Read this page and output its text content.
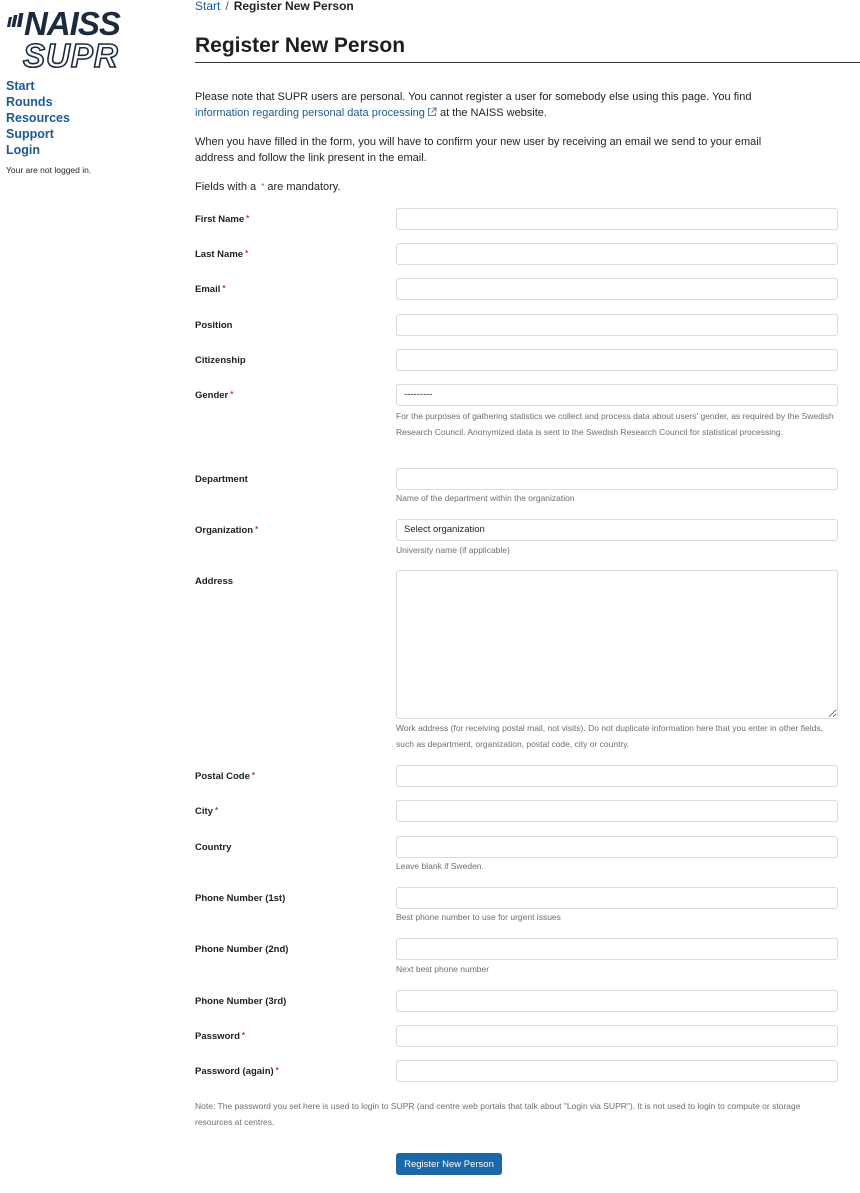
NAISS
SUPR
Start
Rounds
Resources
Support
Login
Your are not logged in.
Start / Register New Person
Register New Person

Please note that SUPR users are personal. You cannot register a user for somebody else using this page. You find information regarding personal data processing at the NAISS website.

When you have filled in the form, you will have to confirm your new user by receiving an email we send to your email address and follow the link present in the email.

Fields with a * are mandatory.

First Name *
Last Name *
Email *
Position
Citizenship
Gender *	---------

For the purposes of gathering statistics we collect and process data about users' gender, as required by the Swedish Research Council. Anonymized data is sent to the Swedish Research Council for statistical processing.

Department

Name of the department within the organization

Organization *	Select organization

University name (if applicable)

Address

Work address (for receiving postal mail, not visits). Do not duplicate information here that you enter in other fields, such as department, organization, postal code, city or country.

Postal Code *
City *
Country

Leave blank if Sweden.

Phone Number (1st)

Best phone number to use for urgent issues

Phone Number (2nd)

Next best phone number

Phone Number (3rd)
Password *
Password (again) *

Note: The password you set here is used to login to SUPR (and centre web portals that talk about "Login via SUPR"). It is not used to login to compute or storage resources at centres.

Register New Person
